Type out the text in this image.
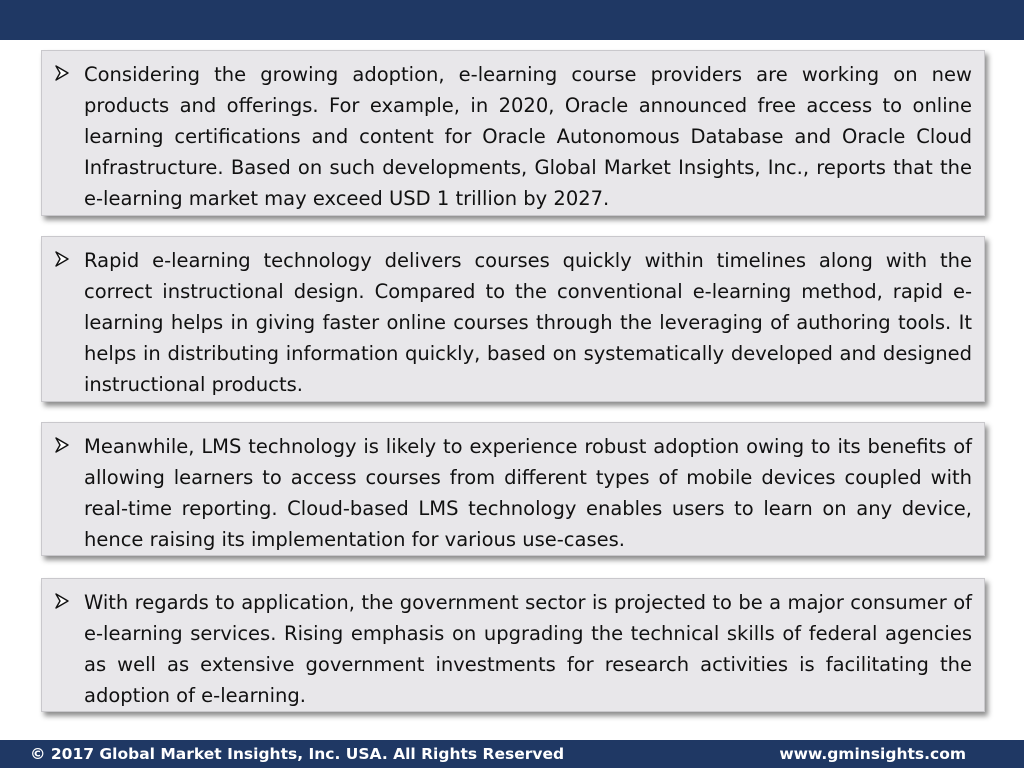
Considering the growing adoption, e-learning course providers are working on new products and offerings. For example, in 2020, Oracle announced free access to online learning certifications and content for Oracle Autonomous Database and Oracle Cloud Infrastructure. Based on such developments, Global Market Insights, Inc., reports that the e-learning market may exceed USD 1 trillion by 2027.

Rapid e-learning technology delivers courses quickly within timelines along with the correct instructional design. Compared to the conventional e-learning method, rapid e-learning helps in giving faster online courses through the leveraging of authoring tools. It helps in distributing information quickly, based on systematically developed and designed instructional products.

Meanwhile, LMS technology is likely to experience robust adoption owing to its benefits of allowing learners to access courses from different types of mobile devices coupled with real-time reporting. Cloud-based LMS technology enables users to learn on any device, hence raising its implementation for various use-cases.

With regards to application, the government sector is projected to be a major consumer of e-learning services. Rising emphasis on upgrading the technical skills of federal agencies as well as extensive government investments for research activities is facilitating the adoption of e-learning.

© 2017 Global Market Insights, Inc. USA. All Rights Reserved	www.gminsights.com
